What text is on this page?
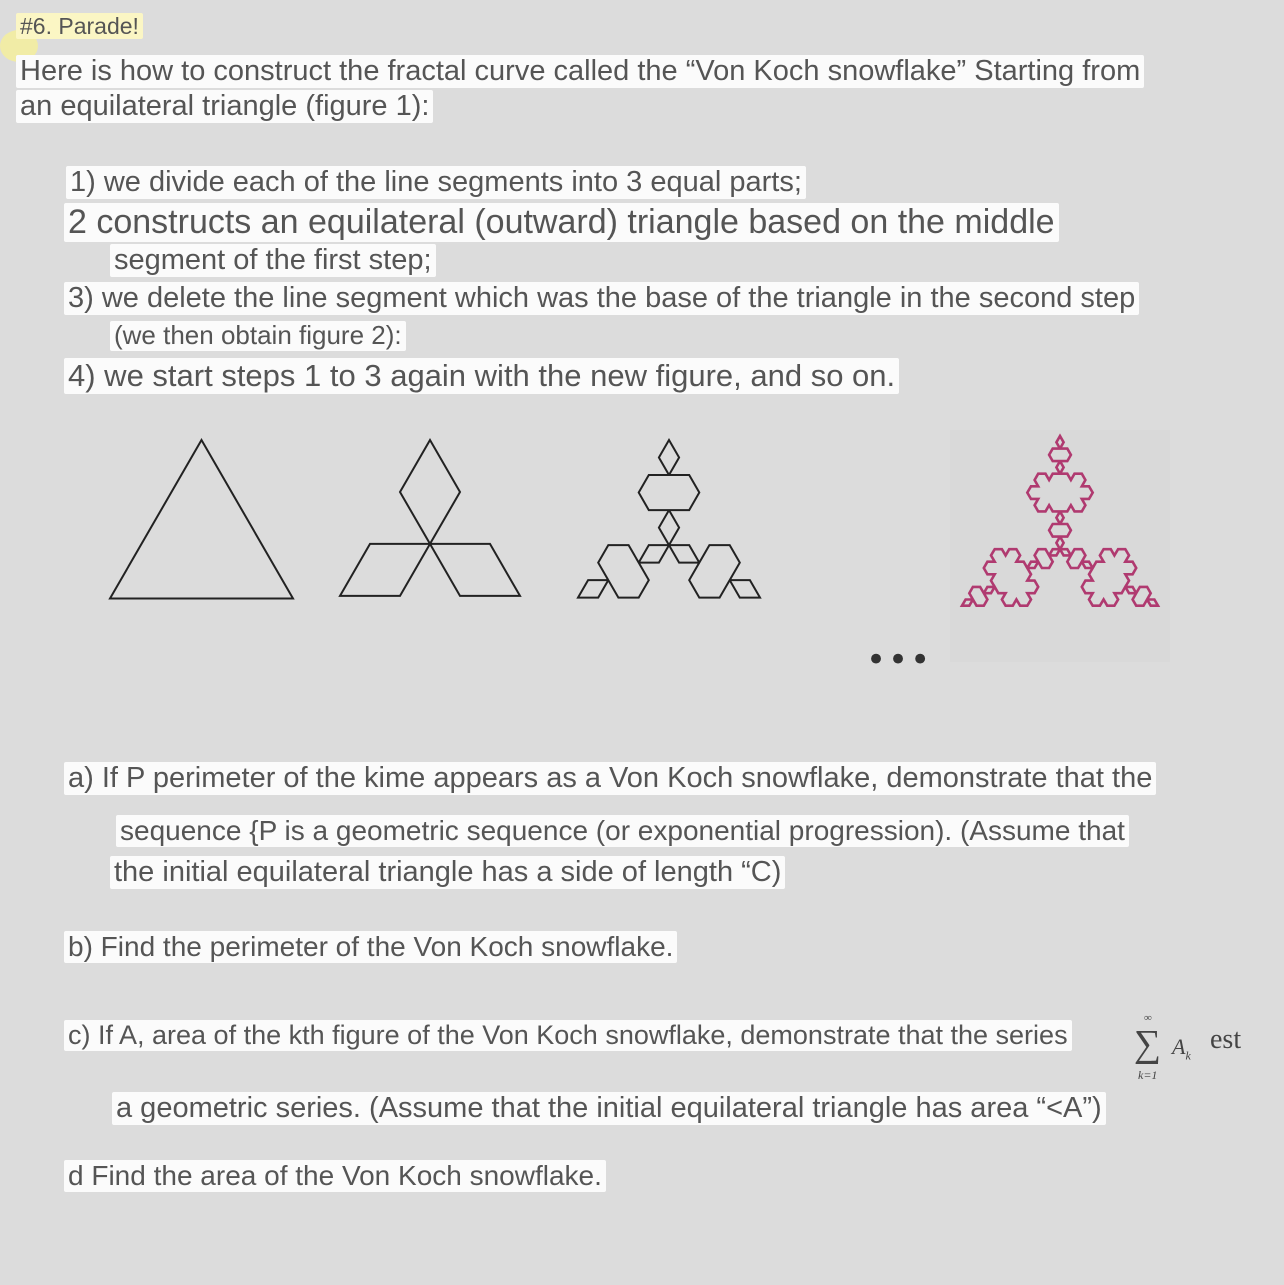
#6. Parade!
Here is how to construct the fractal curve called the “Von Koch snowflake” Starting from
an equilateral triangle (figure 1):
1) we divide each of the line segments into 3 equal parts;
2 constructs an equilateral (outward) triangle based on the middle
segment of the first step;
3) we delete the line segment which was the base of the triangle in the second step
(we then obtain figure 2):
4) we start steps 1 to 3 again with the new figure, and so on.
•••
a) If P perimeter of the kime appears as a Von Koch snowflake, demonstrate that the
sequence {P is a geometric sequence (or exponential progression). (Assume that
the initial equilateral triangle has a side of length “C)
b) Find the perimeter of the Von Koch snowflake.
c) If A, area of the kth figure of the Von Koch snowflake, demonstrate that the series
∞
∑
k=1
$A_k$
est
a geometric series. (Assume that the initial equilateral triangle has area “<A”)
d Find the area of the Von Koch snowflake.
